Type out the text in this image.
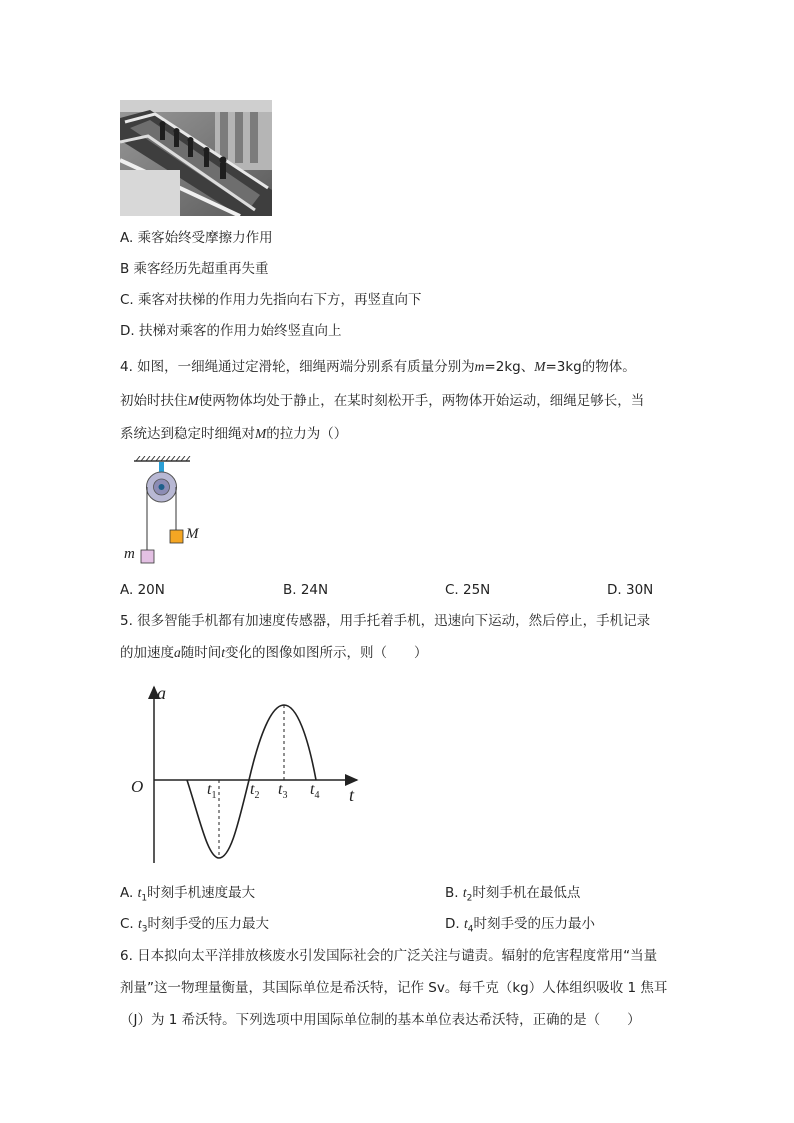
A. 乘客始终受摩擦力作用
B 乘客经历先超重再失重
C. 乘客对扶梯的作用力先指向右下方，再竖直向下
D. 扶梯对乘客的作用力始终竖直向上
4. 如图，一细绳通过定滑轮，细绳两端分别系有质量分别为m=2kg、M=3kg的物体。
初始时扶住M使两物体均处于静止，在某时刻松开手，两物体开始运动，细绳足够长，当
系统达到稳定时细绳对M的拉力为（）
M
m
A. 20N	B. 24N	C. 25N	D. 30N
5. 很多智能手机都有加速度传感器，用手托着手机，迅速向下运动，然后停止，手机记录
的加速度a随时间t变化的图像如图所示，则（　　）
a
t
O	$t_1$ $t_2$ $t_3$ $t_4$
A. $t_1$时刻手机速度最大	B. $t_2$时刻手机在最低点
C. $t_3$时刻手受的压力最大	D. $t_4$时刻手受的压力最小
6. 日本拟向太平洋排放核废水引发国际社会的广泛关注与谴责。辐射的危害程度常用“当量
剂量”这一物理量衡量，其国际单位是希沃特，记作 Sv。每千克（kg）人体组织吸收 1 焦耳
（J）为 1 希沃特。下列选项中用国际单位制的基本单位表达希沃特，正确的是（　　）
